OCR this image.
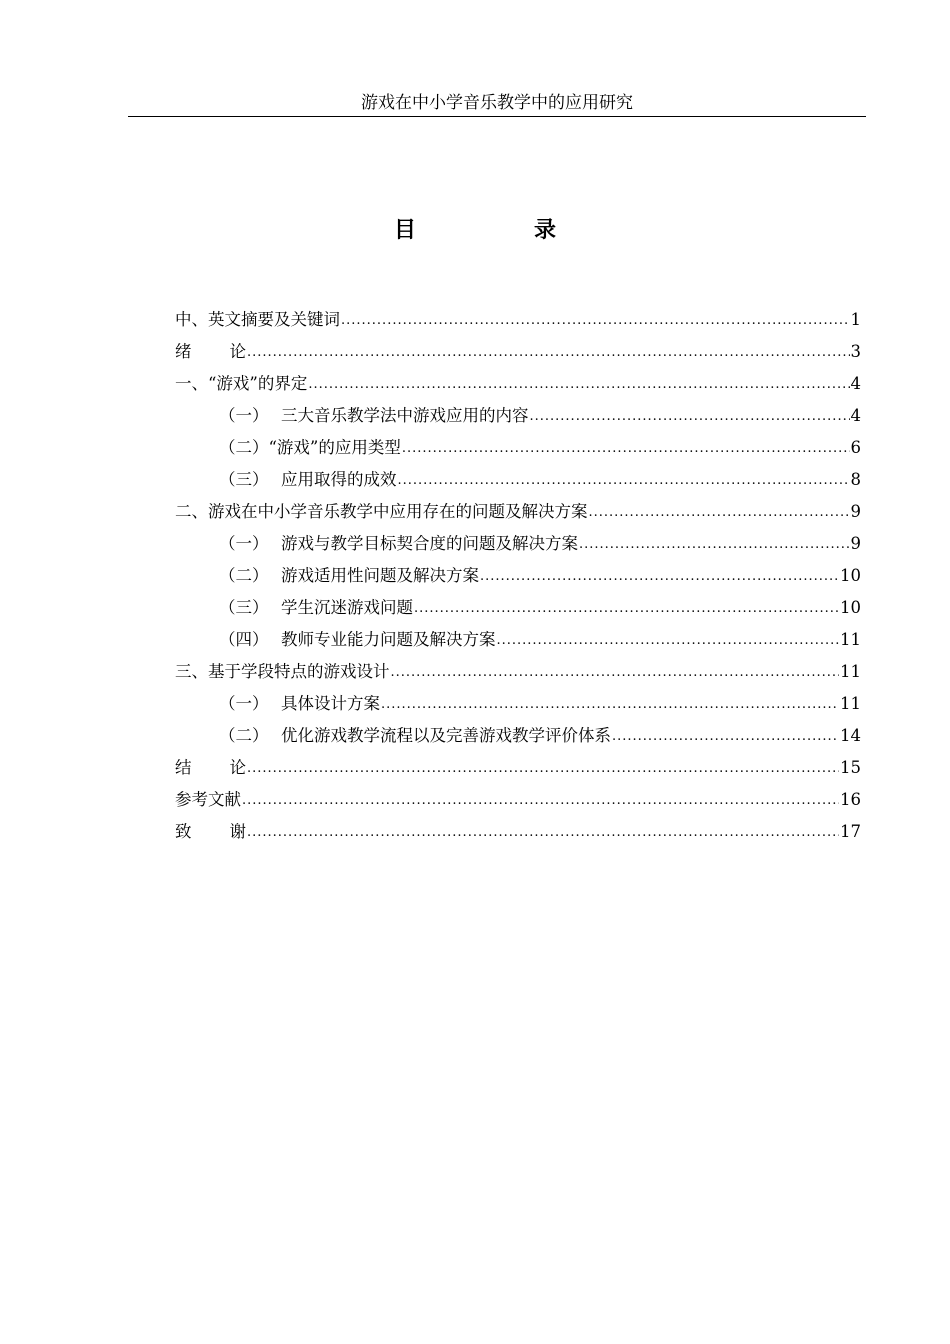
游戏在中小学音乐教学中的应用研究
目　录
中、英文摘要及关键词 .....	1
绪论 .....	3
一、“游戏”的界定 .....	4
（一） 三大音乐教学法中游戏应用的内容 .....	4
（二） “游戏”的应用类型 .....	6
（三） 应用取得的成效 .....	8
二、游戏在中小学音乐教学中应用存在的问题及解决方案 .....	9
（一） 游戏与教学目标契合度的问题及解决方案 .....	9
（二） 游戏适用性问题及解决方案 .....	10
（三） 学生沉迷游戏问题 .....	10
（四） 教师专业能力问题及解决方案 .....	11
三、基于学段特点的游戏设计 .....	11
（一） 具体设计方案 .....	11
（二） 优化游戏教学流程以及完善游戏教学评价体系 .....	14
结论 .....	15
参考文献 .....	16
致谢 .....	17
